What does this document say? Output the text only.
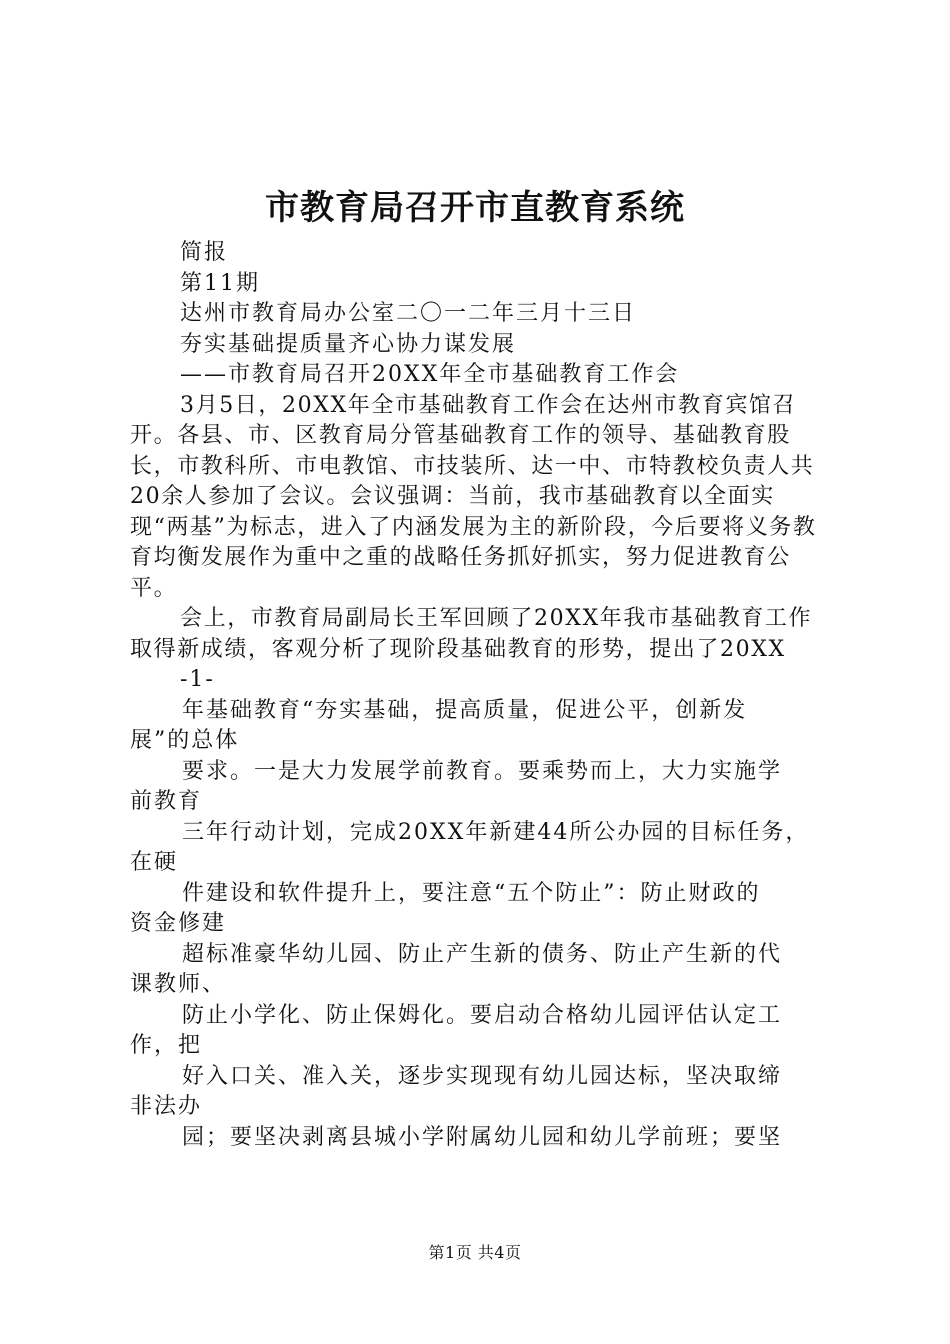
市教育局召开市直教育系统
简报
第11期
达州市教育局办公室二〇一二年三月十三日
夯实基础提质量齐心协力谋发展
——市教育局召开20XX年全市基础教育工作会
3月5日，20XX年全市基础教育工作会在达州市教育宾馆召开。各县、市、区教育局分管基础教育工作的领导、基础教育股长，市教科所、市电教馆、市技装所、达一中、市特教校负责人共20余人参加了会议。会议强调：当前，我市基础教育以全面实现“两基”为标志，进入了内涵发展为主的新阶段，今后要将义务教育均衡发展作为重中之重的战略任务抓好抓实，努力促进教育公平。
会上，市教育局副局长王军回顾了20XX年我市基础教育工作取得新成绩，客观分析了现阶段基础教育的形势，提出了20XX
-1-
年基础教育“夯实基础，提高质量，促进公平，创新发
展”的总体
要求。一是大力发展学前教育。要乘势而上，大力实施学
前教育
三年行动计划，完成20XX年新建44所公办园的目标任务，
在硬
件建设和软件提升上，要注意“五个防止”：防止财政的
资金修建
超标准豪华幼儿园、防止产生新的债务、防止产生新的代
课教师、
防止小学化、防止保姆化。要启动合格幼儿园评估认定工
作，把
好入口关、准入关，逐步实现现有幼儿园达标，坚决取缔
非法办
园；要坚决剥离县城小学附属幼儿园和幼儿学前班；要坚
第1页 共4页
